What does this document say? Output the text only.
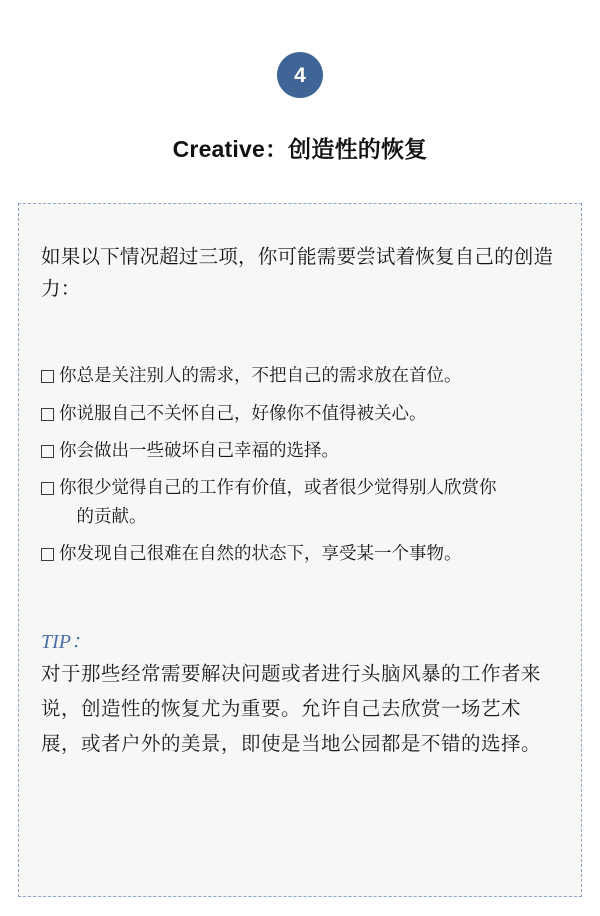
4
Creative：创造性的恢复
如果以下情况超过三项，你可能需要尝试着恢复自己的创造力：
你总是关注别人的需求，不把自己的需求放在首位。
你说服自己不关怀自己，好像你不值得被关心。
你会做出一些破坏自己幸福的选择。
你很少觉得自己的工作有价值，或者很少觉得别人欣赏你
的贡献。
你发现自己很难在自然的状态下，享受某一个事物。
TIP：
对于那些经常需要解决问题或者进行头脑风暴的工作者来说，创造性的恢复尤为重要。允许自己去欣赏一场艺术展，或者户外的美景，即使是当地公园都是不错的选择。
